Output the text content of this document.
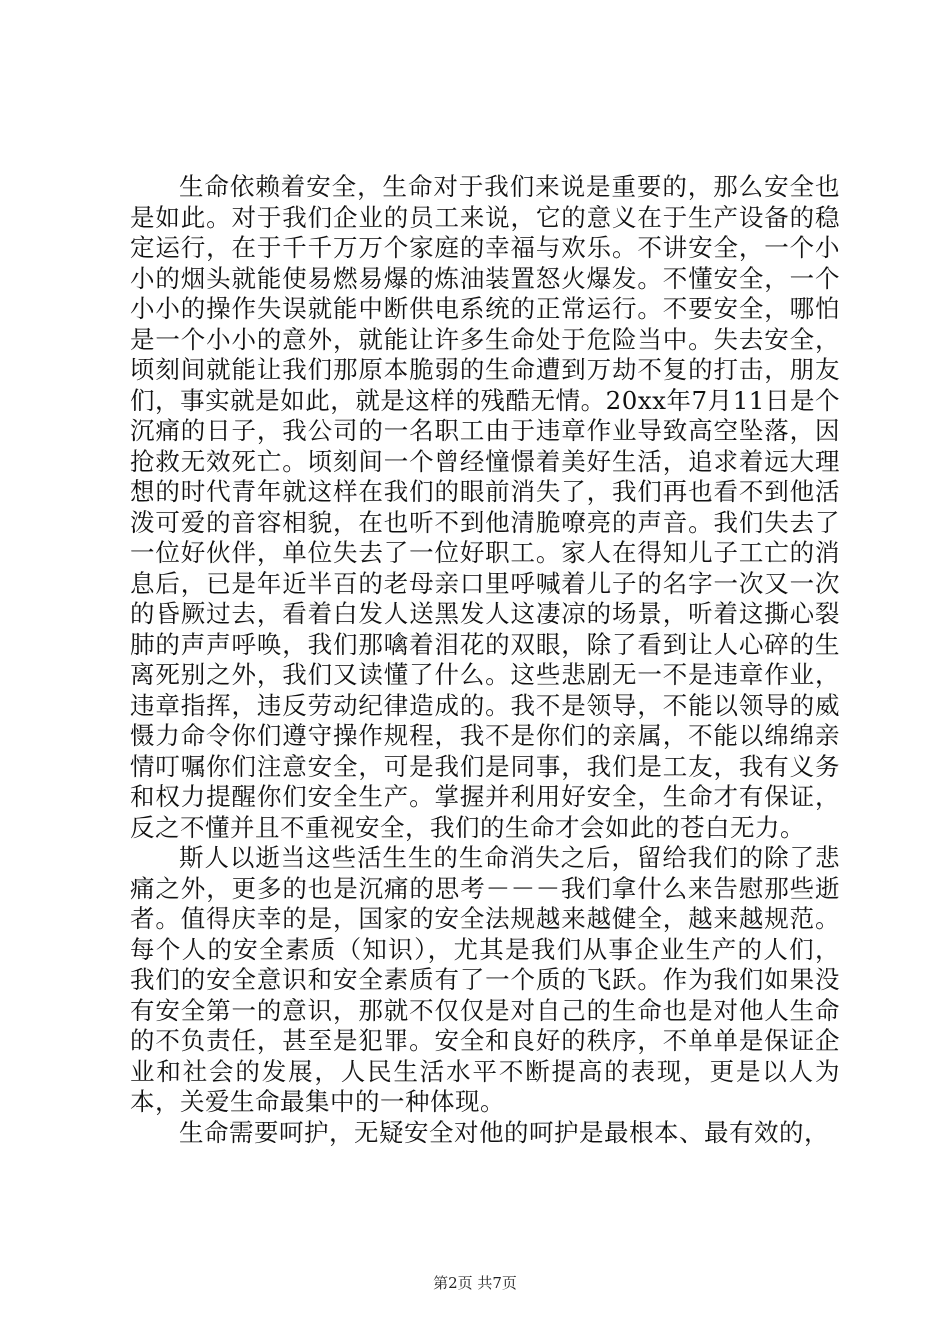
生命依赖着安全，生命对于我们来说是重要的，那么安全也是如此。对于我们企业的员工来说，它的意义在于生产设备的稳定运行，在于千千万万个家庭的幸福与欢乐。不讲安全，一个小小的烟头就能使易燃易爆的炼油装置怒火爆发。不懂安全，一个小小的操作失误就能中断供电系统的正常运行。不要安全，哪怕是一个小小的意外，就能让许多生命处于危险当中。失去安全，顷刻间就能让我们那原本脆弱的生命遭到万劫不复的打击，朋友们，事实就是如此，就是这样的残酷无情。20xx年7月11日是个沉痛的日子，我公司的一名职工由于违章作业导致高空坠落，因抢救无效死亡。顷刻间一个曾经憧憬着美好生活，追求着远大理想的时代青年就这样在我们的眼前消失了，我们再也看不到他活泼可爱的音容相貌，在也听不到他清脆嘹亮的声音。我们失去了一位好伙伴，单位失去了一位好职工。家人在得知儿子工亡的消息后，已是年近半百的老母亲口里呼喊着儿子的名字一次又一次的昏厥过去，看着白发人送黑发人这凄凉的场景，听着这撕心裂肺的声声呼唤，我们那噙着泪花的双眼，除了看到让人心碎的生离死别之外，我们又读懂了什么。这些悲剧无一不是违章作业，违章指挥，违反劳动纪律造成的。我不是领导，不能以领导的威慑力命令你们遵守操作规程，我不是你们的亲属，不能以绵绵亲情叮嘱你们注意安全，可是我们是同事，我们是工友，我有义务和权力提醒你们安全生产。掌握并利用好安全，生命才有保证，反之不懂并且不重视安全，我们的生命才会如此的苍白无力。

斯人以逝当这些活生生的生命消失之后，留给我们的除了悲痛之外，更多的也是沉痛的思考－－－我们拿什么来告慰那些逝者。值得庆幸的是，国家的安全法规越来越健全，越来越规范。每个人的安全素质（知识），尤其是我们从事企业生产的人们，我们的安全意识和安全素质有了一个质的飞跃。作为我们如果没有安全第一的意识，那就不仅仅是对自己的生命也是对他人生命的不负责任，甚至是犯罪。安全和良好的秩序，不单单是保证企业和社会的发展，人民生活水平不断提高的表现，更是以人为本，关爱生命最集中的一种体现。

生命需要呵护，无疑安全对他的呵护是最根本、最有效的，

第2页 共7页
